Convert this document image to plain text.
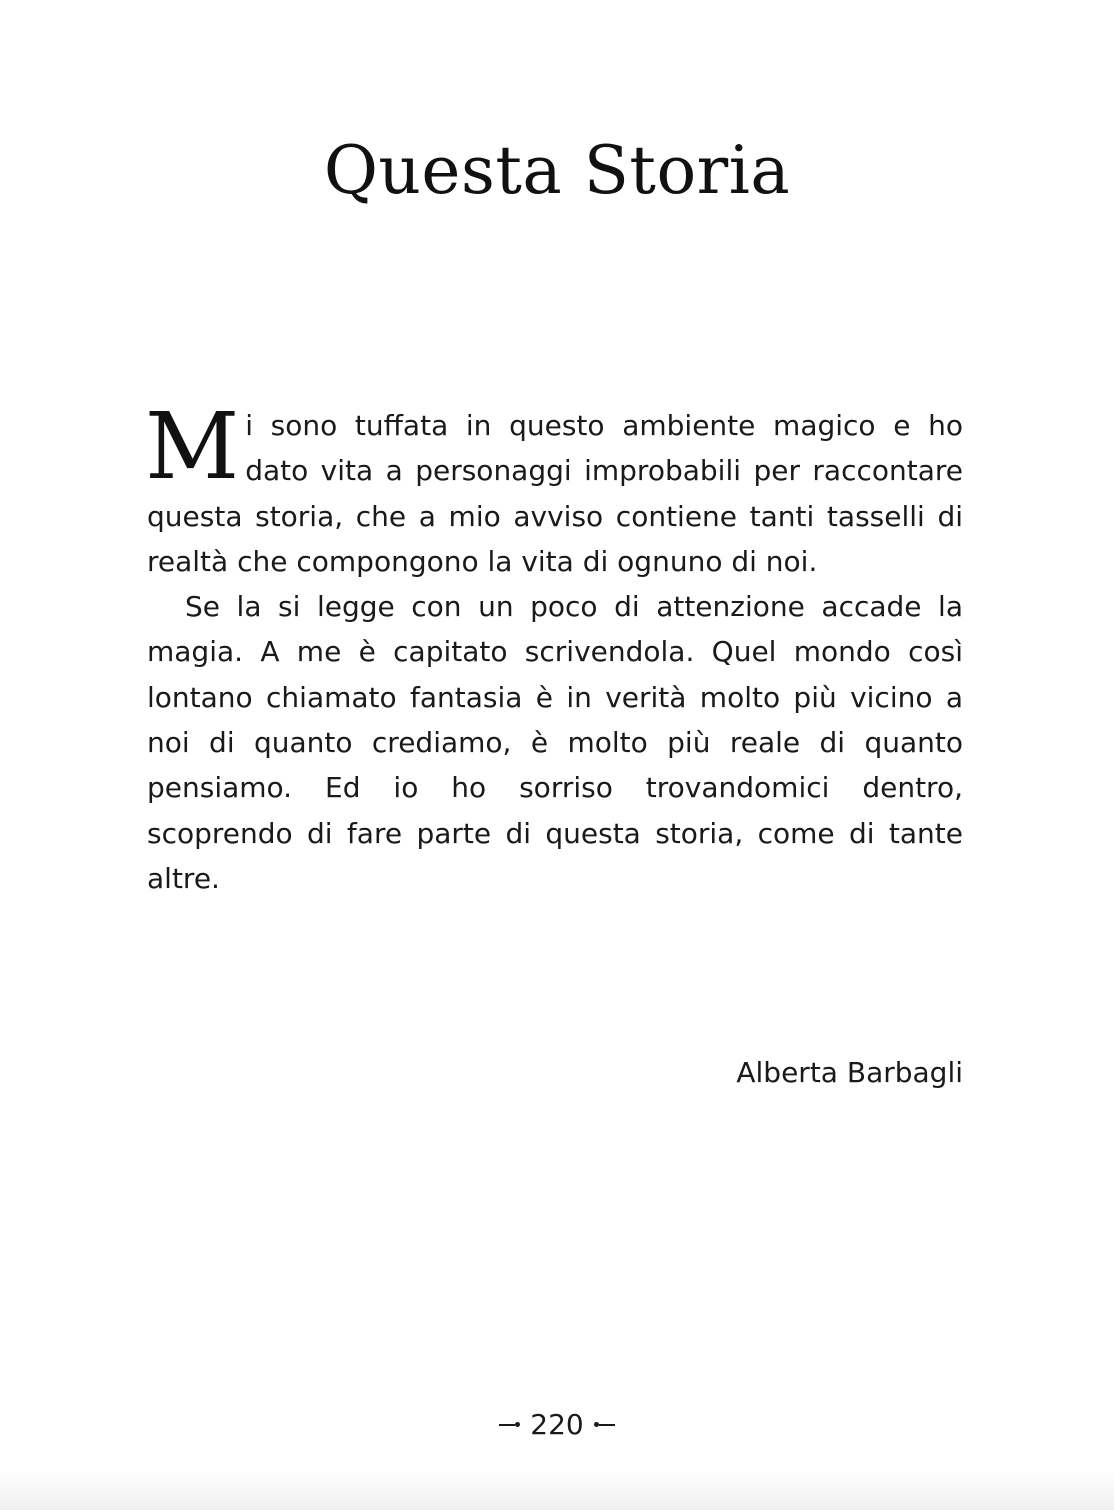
Questa Storia

Mi sono tuffata in questo ambiente magico e ho dato vita a personaggi improbabili per raccontare questa storia, che a mio avviso contiene tanti tasselli di realtà che compongono la vita di ognuno di noi.

Se la si legge con un poco di attenzione accade la magia. A me è capitato scrivendola. Quel mondo così lontano chiamato fantasia è in verità molto più vicino a noi di quanto crediamo, è molto più reale di quanto pensiamo. Ed io ho sorriso trovandomici dentro, scoprendo di fare parte di questa storia, come di tante altre.

Alberta Barbagli
220
